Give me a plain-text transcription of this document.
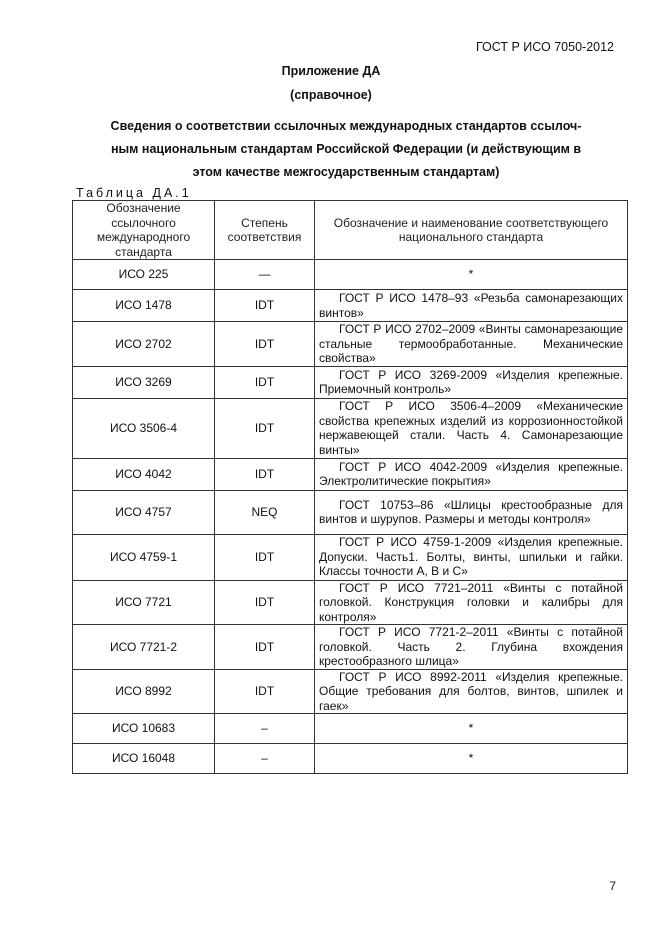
ГОСТ Р ИСО 7050-2012
Приложение ДА
(справочное)
Сведения о соответствии ссылочных международных стандартов ссылоч-
ным национальным стандартам Российской Федерации (и действующим в
этом качестве межгосударственным стандартам)
Таблица ДА.1
Обозначение ссылочного международного стандарта	Степень соответствия	Обозначение и наименование соответствующего национального стандарта
ИСО 225	—	*

ИСО 1478	IDT	ГОСТ Р ИСО 1478–93 «Резьба самонарезающих винтов»

ИСО 2702	IDT	ГОСТ Р ИСО 2702–2009 «Винты самонарезающие стальные термообработанные. Механические свойства»

ИСО 3269	IDT	ГОСТ Р ИСО 3269-2009 «Изделия крепежные. Приемочный контроль»

ИСО 3506-4	IDT	ГОСТ Р ИСО 3506-4–2009 «Механические свойства крепежных изделий из коррозионностойкой нержавеющей стали. Часть 4. Самонарезающие винты»

ИСО 4042	IDT	ГОСТ Р ИСО 4042-2009 «Изделия крепежные. Электролитические покрытия»

ИСО 4757	NEQ	ГОСТ 10753–86 «Шлицы крестообразные для винтов и шурупов. Размеры и методы контроля»

ИСО 4759-1	IDT	ГОСТ Р ИСО 4759-1-2009 «Изделия крепежные. Допуски. Часть1. Болты, винты, шпильки и гайки. Классы точности А, В и С»

ИСО 7721	IDT	ГОСТ Р ИСО 7721–2011 «Винты с потайной головкой. Конструкция головки и калибры для контроля»

ИСО 7721-2	IDT	ГОСТ Р ИСО 7721-2–2011 «Винты с потайной головкой. Часть 2. Глубина вхождения крестообразного шлица»

ИСО 8992	IDT	ГОСТ Р ИСО 8992-2011 «Изделия крепежные. Общие требования для болтов, винтов, шпилек и гаек»

ИСО 10683	–	*

ИСО 16048	–	*
7
